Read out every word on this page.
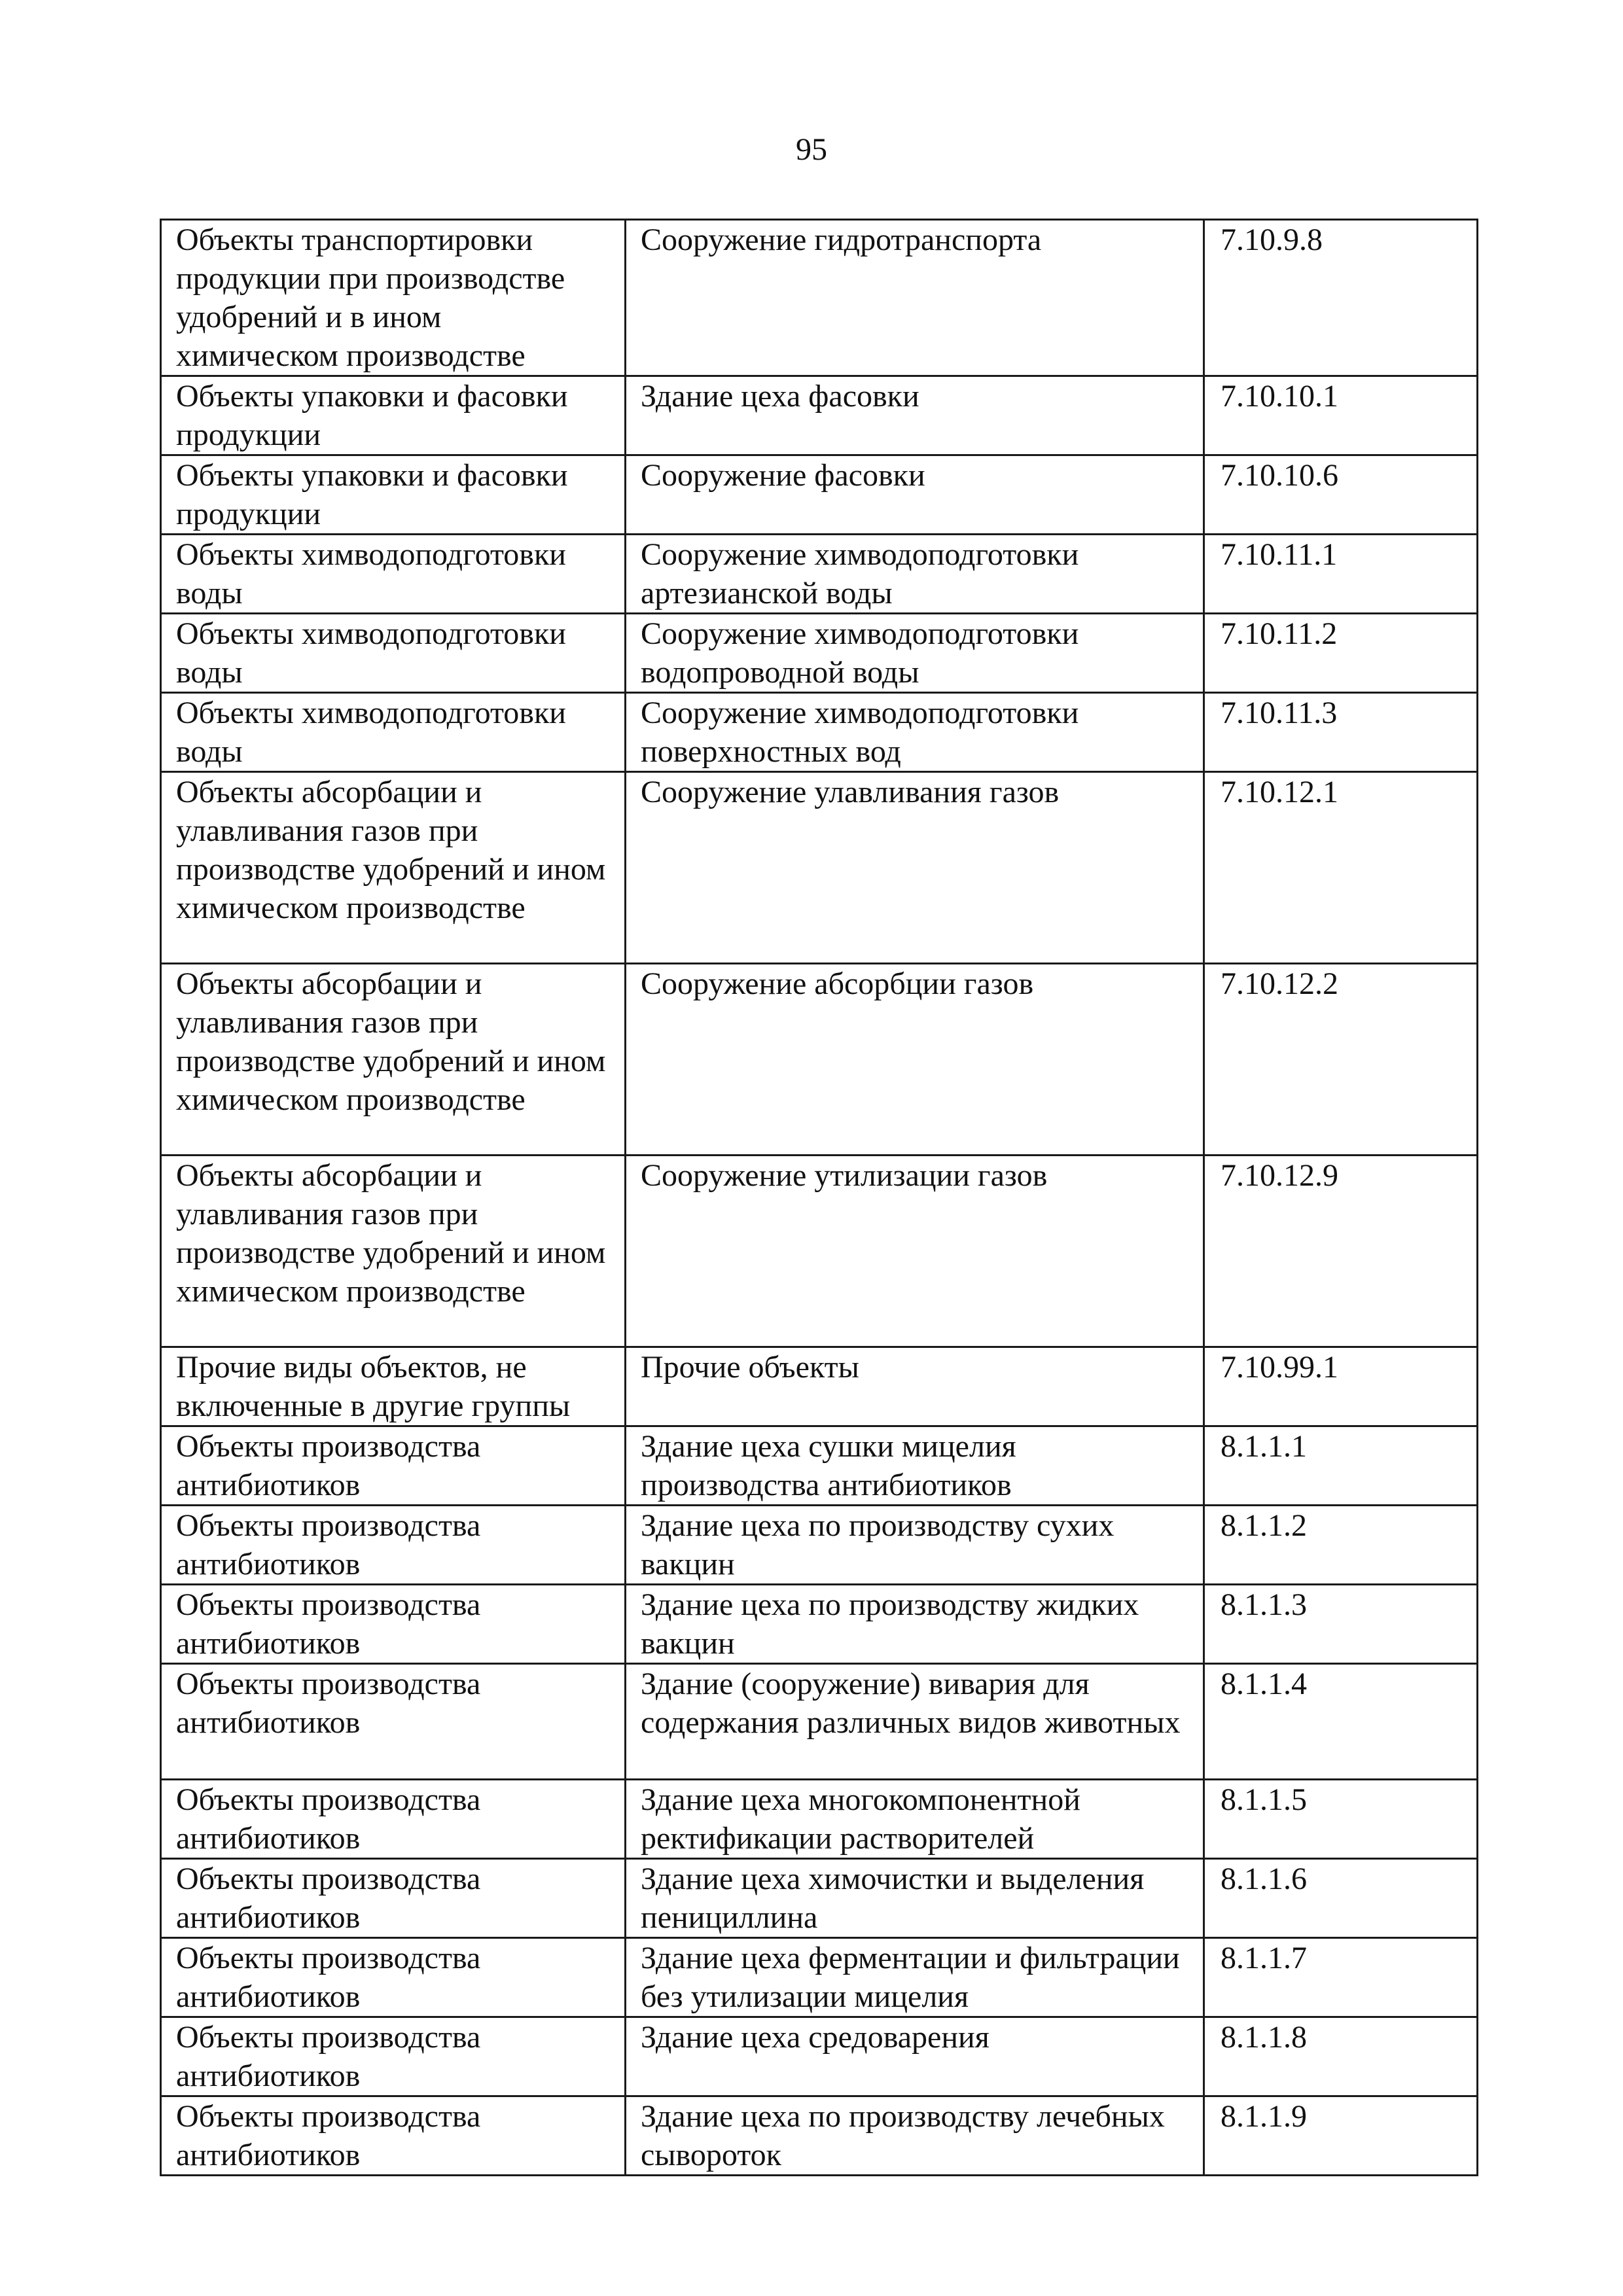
95
Объекты транспортировки продукции при производстве удобрений и в ином химическом производстве	Сооружение гидротранспорта	7.10.9.8
Объекты упаковки и фасовки продукции	Здание цеха фасовки	7.10.10.1
Объекты упаковки и фасовки продукции	Сооружение фасовки	7.10.10.6
Объекты химводоподготовки воды	Сооружение химводоподготовки артезианской воды	7.10.11.1
Объекты химводоподготовки воды	Сооружение химводоподготовки водопроводной воды	7.10.11.2
Объекты химводоподготовки воды	Сооружение химводоподготовки поверхностных вод	7.10.11.3
Объекты абсорбации и улавливания газов при производстве удобрений и ином химическом производстве	Сооружение улавливания газов	7.10.12.1
Объекты абсорбации и улавливания газов при производстве удобрений и ином химическом производстве	Сооружение абсорбции газов	7.10.12.2
Объекты абсорбации и улавливания газов при производстве удобрений и ином химическом производстве	Сооружение утилизации газов	7.10.12.9
Прочие виды объектов, не включенные в другие группы	Прочие объекты	7.10.99.1
Объекты производства антибиотиков	Здание цеха сушки мицелия производства антибиотиков	8.1.1.1
Объекты производства антибиотиков	Здание цеха по производству сухих вакцин	8.1.1.2
Объекты производства антибиотиков	Здание цеха по производству жидких вакцин	8.1.1.3
Объекты производства антибиотиков	Здание (сооружение) вивария для содержания различных видов животных	8.1.1.4
Объекты производства антибиотиков	Здание цеха многокомпонентной ректификации растворителей	8.1.1.5
Объекты производства антибиотиков	Здание цеха химочистки и выделения пенициллина	8.1.1.6
Объекты производства антибиотиков	Здание цеха ферментации и фильтрации без утилизации мицелия	8.1.1.7
Объекты производства антибиотиков	Здание цеха средоварения	8.1.1.8
Объекты производства антибиотиков	Здание цеха по производству лечебных сывороток	8.1.1.9
